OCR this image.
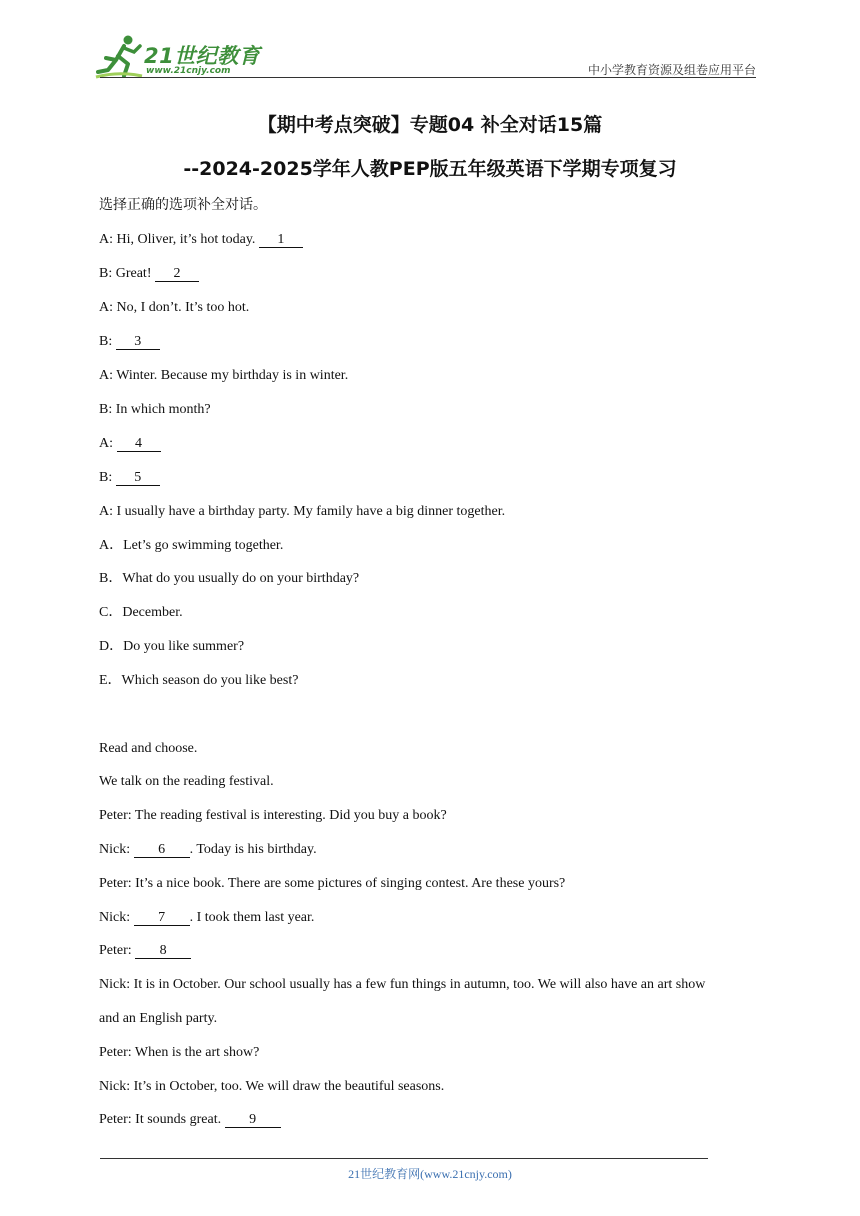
21世纪教育
www.21cnjy.com	中小学教育资源及组卷应用平台
【期中考点突破】专题04 补全对话15篇
--2024-2025学年人教PEP版五年级英语下学期专项复习
选择正确的选项补全对话。
A: Hi, Oliver, it’s hot today. 1
B: Great! 2
A: No, I don’t. It’s too hot.
B: 3
A: Winter. Because my birthday is in winter.
B: In which month?
A: 4
B: 5
A: I usually have a birthday party. My family have a big dinner together.
A．Let’s go swimming together.
B．What do you usually do on your birthday?
C．December.
D．Do you like summer?
E．Which season do you like best?
Read and choose.
We talk on the reading festival.
Peter: The reading festival is interesting. Did you buy a book?
Nick: 6 . Today is his birthday.
Peter: It’s a nice book. There are some pictures of singing contest. Are these yours?
Nick: 7 . I took them last year.
Peter: 8
Nick: It is in October. Our school usually has a few fun things in autumn, too. We will also have an art show
and an English party.
Peter: When is the art show?
Nick: It’s in October, too. We will draw the beautiful seasons.
Peter: It sounds great. 9
21世纪教育网(www.21cnjy.com)
